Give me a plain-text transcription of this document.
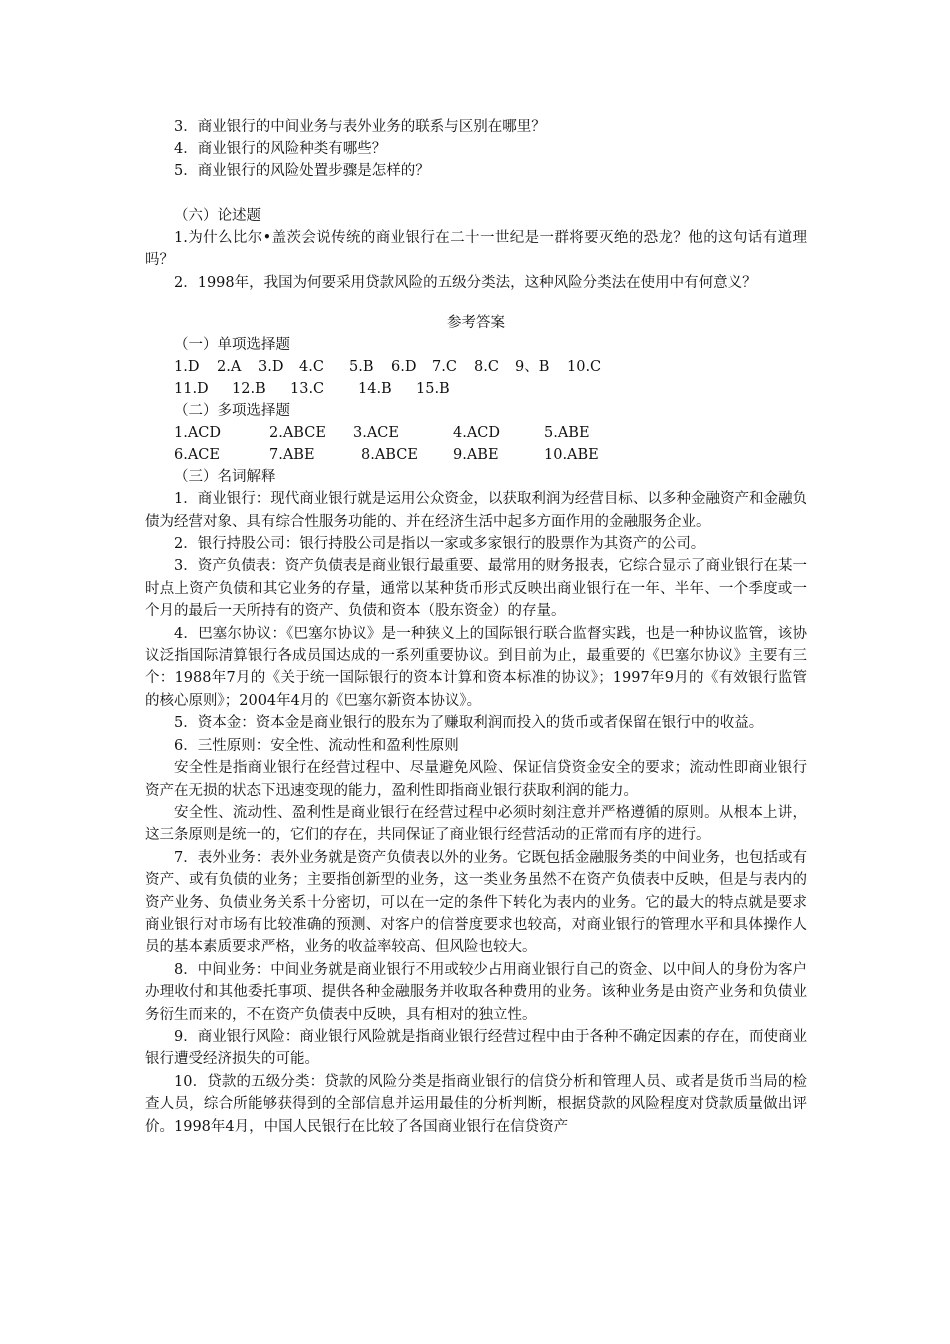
3．商业银行的中间业务与表外业务的联系与区别在哪里？
4．商业银行的风险种类有哪些？
5．商业银行的风险处置步骤是怎样的？
（六）论述题
1.为什么比尔•盖茨会说传统的商业银行在二十一世纪是一群将要灭绝的恐龙？他的这句话有道理吗？
2．1998年，我国为何要采用贷款风险的五级分类法，这种风险分类法在使用中有何意义？
参考答案
（一）单项选择题
1.D	2.A	3.D	4.C	5.B	6.D	7.C	8.C	9、B	10.C
11.D	12.B	13.C	14.B	15.B
（二）多项选择题
1.ACD	2.ABCE	3.ACE	4.ACD	5.ABE
6.ACE	7.ABE	8.ABCE	9.ABE	10.ABE
（三）名词解释
1．商业银行：现代商业银行就是运用公众资金，以获取利润为经营目标、以多种金融资产和金融负债为经营对象、具有综合性服务功能的、并在经济生活中起多方面作用的金融服务企业。
2．银行持股公司：银行持股公司是指以一家或多家银行的股票作为其资产的公司。
3．资产负债表：资产负债表是商业银行最重要、最常用的财务报表，它综合显示了商业银行在某一时点上资产负债和其它业务的存量，通常以某种货币形式反映出商业银行在一年、半年、一个季度或一个月的最后一天所持有的资产、负债和资本（股东资金）的存量。
4．巴塞尔协议：《巴塞尔协议》是一种狭义上的国际银行联合监督实践，也是一种协议监管，该协议泛指国际清算银行各成员国达成的一系列重要协议。到目前为止，最重要的《巴塞尔协议》主要有三个：1988年7月的《关于统一国际银行的资本计算和资本标准的协议》；1997年9月的《有效银行监管的核心原则》；2004年4月的《巴塞尔新资本协议》。
5．资本金：资本金是商业银行的股东为了赚取利润而投入的货币或者保留在银行中的收益。
6．三性原则：安全性、流动性和盈利性原则
安全性是指商业银行在经营过程中、尽量避免风险、保证信贷资金安全的要求；流动性即商业银行资产在无损的状态下迅速变现的能力，盈利性即指商业银行获取利润的能力。
安全性、流动性、盈利性是商业银行在经营过程中必须时刻注意并严格遵循的原则。从根本上讲，这三条原则是统一的，它们的存在，共同保证了商业银行经营活动的正常而有序的进行。
7．表外业务：表外业务就是资产负债表以外的业务。它既包括金融服务类的中间业务，也包括或有资产、或有负债的业务；主要指创新型的业务，这一类业务虽然不在资产负债表中反映，但是与表内的资产业务、负债业务关系十分密切，可以在一定的条件下转化为表内的业务。它的最大的特点就是要求商业银行对市场有比较准确的预测、对客户的信誉度要求也较高，对商业银行的管理水平和具体操作人员的基本素质要求严格，业务的收益率较高、但风险也较大。
8．中间业务：中间业务就是商业银行不用或较少占用商业银行自己的资金、以中间人的身份为客户办理收付和其他委托事项、提供各种金融服务并收取各种费用的业务。该种业务是由资产业务和负债业务衍生而来的，不在资产负债表中反映，具有相对的独立性。
9．商业银行风险：商业银行风险就是指商业银行经营过程中由于各种不确定因素的存在，而使商业银行遭受经济损失的可能。
10．贷款的五级分类：贷款的风险分类是指商业银行的信贷分析和管理人员、或者是货币当局的检查人员，综合所能够获得到的全部信息并运用最佳的分析判断，根据贷款的风险程度对贷款质量做出评价。1998年4月，中国人民银行在比较了各国商业银行在信贷资产
